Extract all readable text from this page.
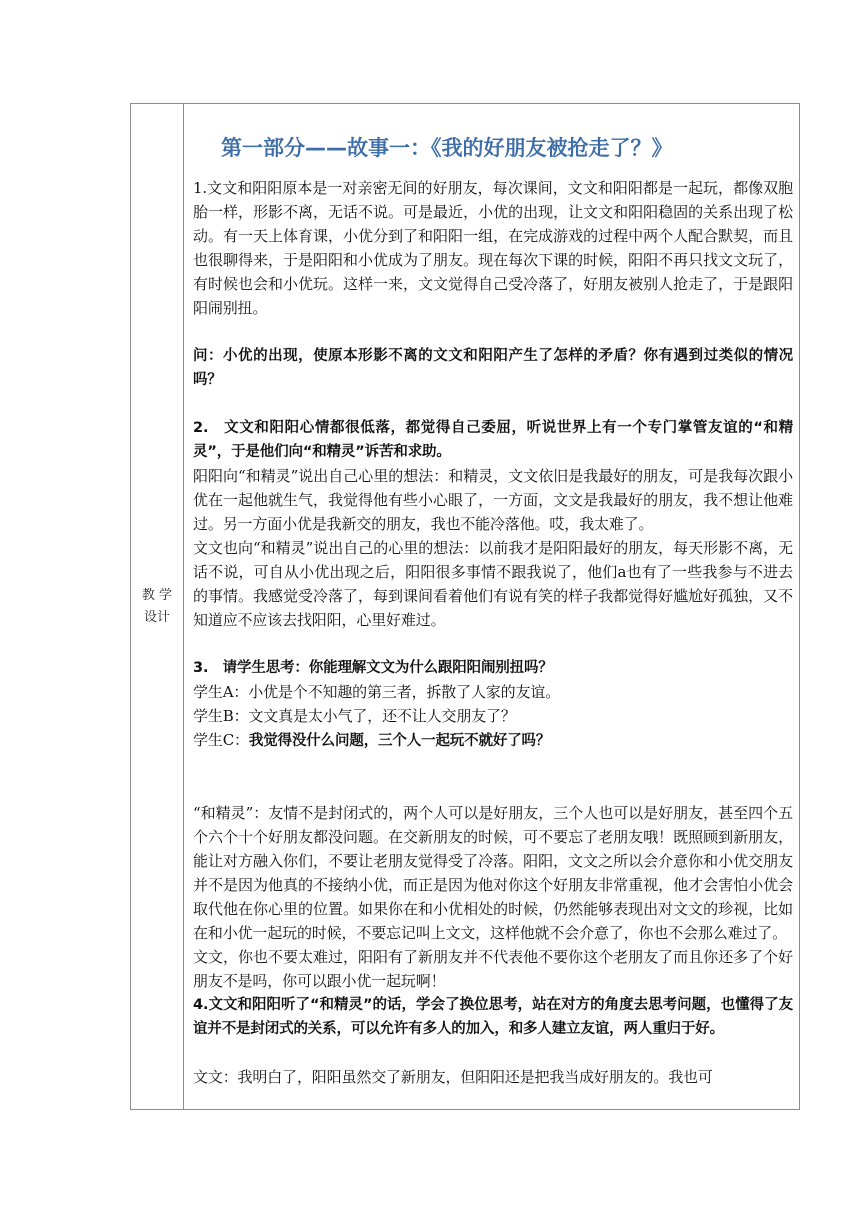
教 学 设计
第一部分——故事一：《我的好朋友被抢走了？》

1.文文和阳阳原本是一对亲密无间的好朋友，每次课间，文文和阳阳都是一起玩，都像双胞胎一样，形影不离，无话不说。可是最近，小优的出现，让文文和阳阳稳固的关系出现了松动。有一天上体育课，小优分到了和阳阳一组，在完成游戏的过程中两个人配合默契，而且也很聊得来，于是阳阳和小优成为了朋友。现在每次下课的时候，阳阳不再只找文文玩了，有时候也会和小优玩。这样一来，文文觉得自己受冷落了，好朋友被别人抢走了，于是跟阳阳闹别扭。

问：小优的出现，使原本形影不离的文文和阳阳产生了怎样的矛盾？你有遇到过类似的情况吗？

2.　文文和阳阳心情都很低落，都觉得自己委屈，听说世界上有一个专门掌管友谊的“和精灵”，于是他们向“和精灵”诉苦和求助。

阳阳向“和精灵”说出自己心里的想法：和精灵，文文依旧是我最好的朋友，可是我每次跟小优在一起他就生气，我觉得他有些小心眼了，一方面，文文是我最好的朋友，我不想让他难过。另一方面小优是我新交的朋友，我也不能冷落他。哎，我太难了。

文文也向“和精灵”说出自己的心里的想法：以前我才是阳阳最好的朋友，每天形影不离，无话不说，可自从小优出现之后，阳阳很多事情不跟我说了，他们a也有了一些我参与不进去的事情。我感觉受冷落了，每到课间看着他们有说有笑的样子我都觉得好尴尬好孤独，又不知道应不应该去找阳阳，心里好难过。

3.　请学生思考：你能理解文文为什么跟阳阳闹别扭吗？

学生A：小优是个不知趣的第三者，拆散了人家的友谊。

学生B：文文真是太小气了，还不让人交朋友了？

学生C：我觉得没什么问题，三个人一起玩不就好了吗？

“和精灵”：友情不是封闭式的，两个人可以是好朋友，三个人也可以是好朋友，甚至四个五个六个十个好朋友都没问题。在交新朋友的时候，可不要忘了老朋友哦！既照顾到新朋友，能让对方融入你们，不要让老朋友觉得受了冷落。阳阳，文文之所以会介意你和小优交朋友并不是因为他真的不接纳小优，而正是因为他对你这个好朋友非常重视，他才会害怕小优会取代他在你心里的位置。如果你在和小优相处的时候，仍然能够表现出对文文的珍视，比如在和小优一起玩的时候，不要忘记叫上文文，这样他就不会介意了，你也不会那么难过了。

文文，你也不要太难过，阳阳有了新朋友并不代表他不要你这个老朋友了而且你还多了个好朋友不是吗，你可以跟小优一起玩啊！

4.文文和阳阳听了“和精灵”的话，学会了换位思考，站在对方的角度去思考问题，也懂得了友谊并不是封闭式的关系，可以允许有多人的加入，和多人建立友谊，两人重归于好。

文文：我明白了，阳阳虽然交了新朋友，但阳阳还是把我当成好朋友的。我也可
